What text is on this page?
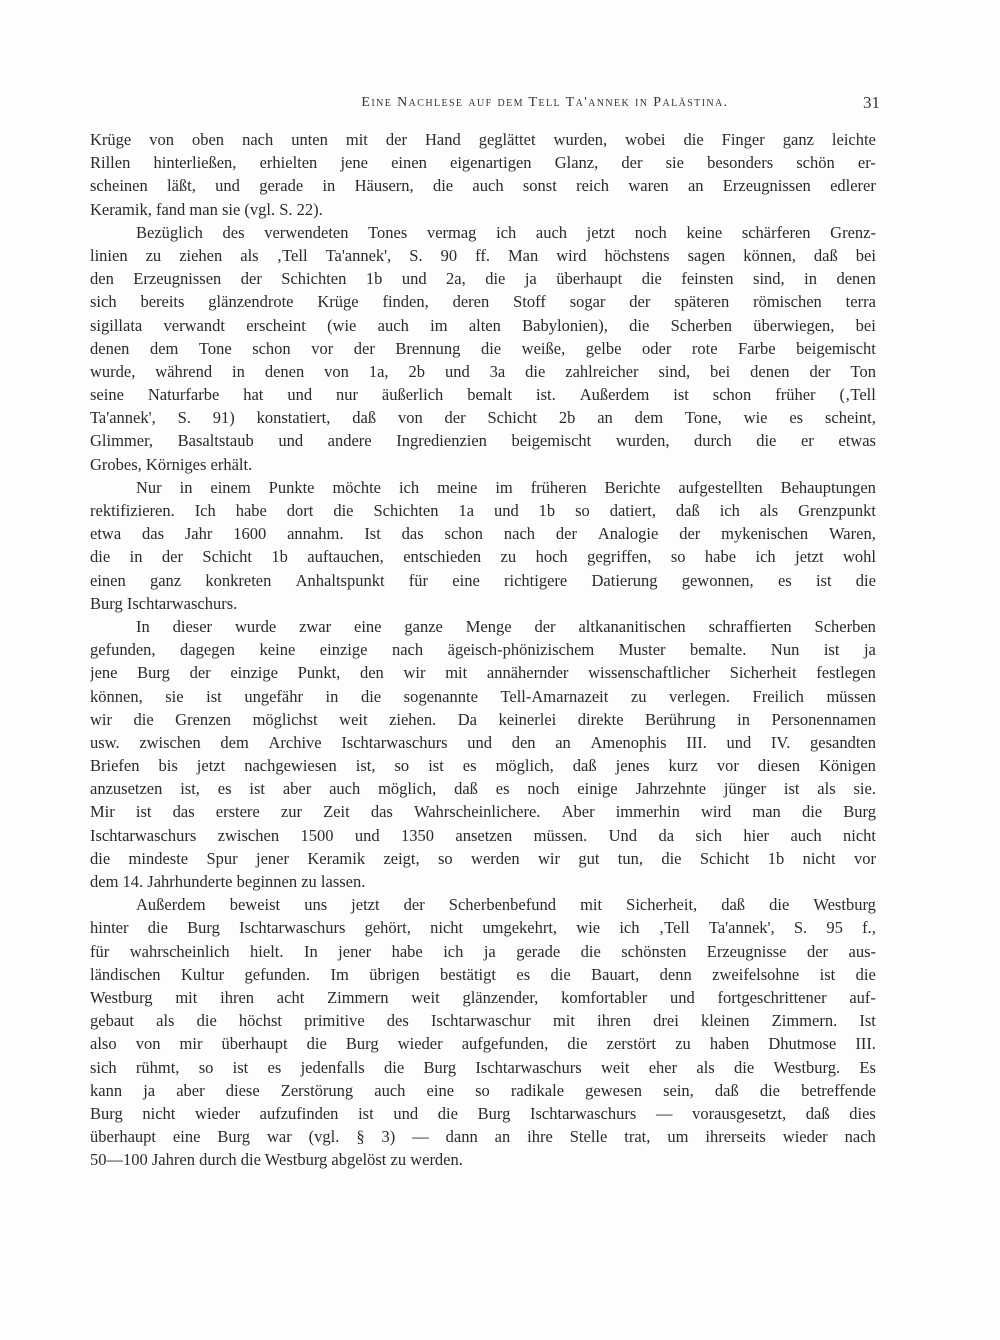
Eine Nachlese auf dem Tell Ta'annek in Palästina.	31
Krüge von oben nach unten mit der Hand geglättet wurden, wobei die Finger ganz leichte
Rillen hinterließen, erhielten jene einen eigenartigen Glanz, der sie besonders schön er-
scheinen läßt, und gerade in Häusern, die auch sonst reich waren an Erzeugnissen edlerer
Keramik, fand man sie (vgl. S. 22).
Bezüglich des verwendeten Tones vermag ich auch jetzt noch keine schärferen Grenz-
linien zu ziehen als ‚Tell Ta'annek', S. 90 ff. Man wird höchstens sagen können, daß bei
den Erzeugnissen der Schichten 1b und 2a, die ja überhaupt die feinsten sind, in denen
sich bereits glänzendrote Krüge finden, deren Stoff sogar der späteren römischen terra
sigillata verwandt erscheint (wie auch im alten Babylonien), die Scherben überwiegen, bei
denen dem Tone schon vor der Brennung die weiße, gelbe oder rote Farbe beigemischt
wurde, während in denen von 1a, 2b und 3a die zahlreicher sind, bei denen der Ton
seine Naturfarbe hat und nur äußerlich bemalt ist. Außerdem ist schon früher (‚Tell
Ta'annek', S. 91) konstatiert, daß von der Schicht 2b an dem Tone, wie es scheint,
Glimmer, Basaltstaub und andere Ingredienzien beigemischt wurden, durch die er etwas
Grobes, Körniges erhält.
Nur in einem Punkte möchte ich meine im früheren Berichte aufgestellten Behauptungen
rektifizieren. Ich habe dort die Schichten 1a und 1b so datiert, daß ich als Grenzpunkt
etwa das Jahr 1600 annahm. Ist das schon nach der Analogie der mykenischen Waren,
die in der Schicht 1b auftauchen, entschieden zu hoch gegriffen, so habe ich jetzt wohl
einen ganz konkreten Anhaltspunkt für eine richtigere Datierung gewonnen, es ist die
Burg Ischtarwaschurs.
In dieser wurde zwar eine ganze Menge der altkananitischen schraffierten Scherben
gefunden, dagegen keine einzige nach ägeisch-phönizischem Muster bemalte. Nun ist ja
jene Burg der einzige Punkt, den wir mit annähernder wissenschaftlicher Sicherheit festlegen
können, sie ist ungefähr in die sogenannte Tell-Amarnazeit zu verlegen. Freilich müssen
wir die Grenzen möglichst weit ziehen. Da keinerlei direkte Berührung in Personennamen
usw. zwischen dem Archive Ischtarwaschurs und den an Amenophis III. und IV. gesandten
Briefen bis jetzt nachgewiesen ist, so ist es möglich, daß jenes kurz vor diesen Königen
anzusetzen ist, es ist aber auch möglich, daß es noch einige Jahrzehnte jünger ist als sie.
Mir ist das erstere zur Zeit das Wahrscheinlichere. Aber immerhin wird man die Burg
Ischtarwaschurs zwischen 1500 und 1350 ansetzen müssen. Und da sich hier auch nicht
die mindeste Spur jener Keramik zeigt, so werden wir gut tun, die Schicht 1b nicht vor
dem 14. Jahrhunderte beginnen zu lassen.
Außerdem beweist uns jetzt der Scherbenbefund mit Sicherheit, daß die Westburg
hinter die Burg Ischtarwaschurs gehört, nicht umgekehrt, wie ich ‚Tell Ta'annek', S. 95 f.,
für wahrscheinlich hielt. In jener habe ich ja gerade die schönsten Erzeugnisse der aus-
ländischen Kultur gefunden. Im übrigen bestätigt es die Bauart, denn zweifelsohne ist die
Westburg mit ihren acht Zimmern weit glänzender, komfortabler und fortgeschrittener auf-
gebaut als die höchst primitive des Ischtarwaschur mit ihren drei kleinen Zimmern. Ist
also von mir überhaupt die Burg wieder aufgefunden, die zerstört zu haben Dhutmose III.
sich rühmt, so ist es jedenfalls die Burg Ischtarwaschurs weit eher als die Westburg. Es
kann ja aber diese Zerstörung auch eine so radikale gewesen sein, daß die betreffende
Burg nicht wieder aufzufinden ist und die Burg Ischtarwaschurs — vorausgesetzt, daß dies
überhaupt eine Burg war (vgl. § 3) — dann an ihre Stelle trat, um ihrerseits wieder nach
50—100 Jahren durch die Westburg abgelöst zu werden.
